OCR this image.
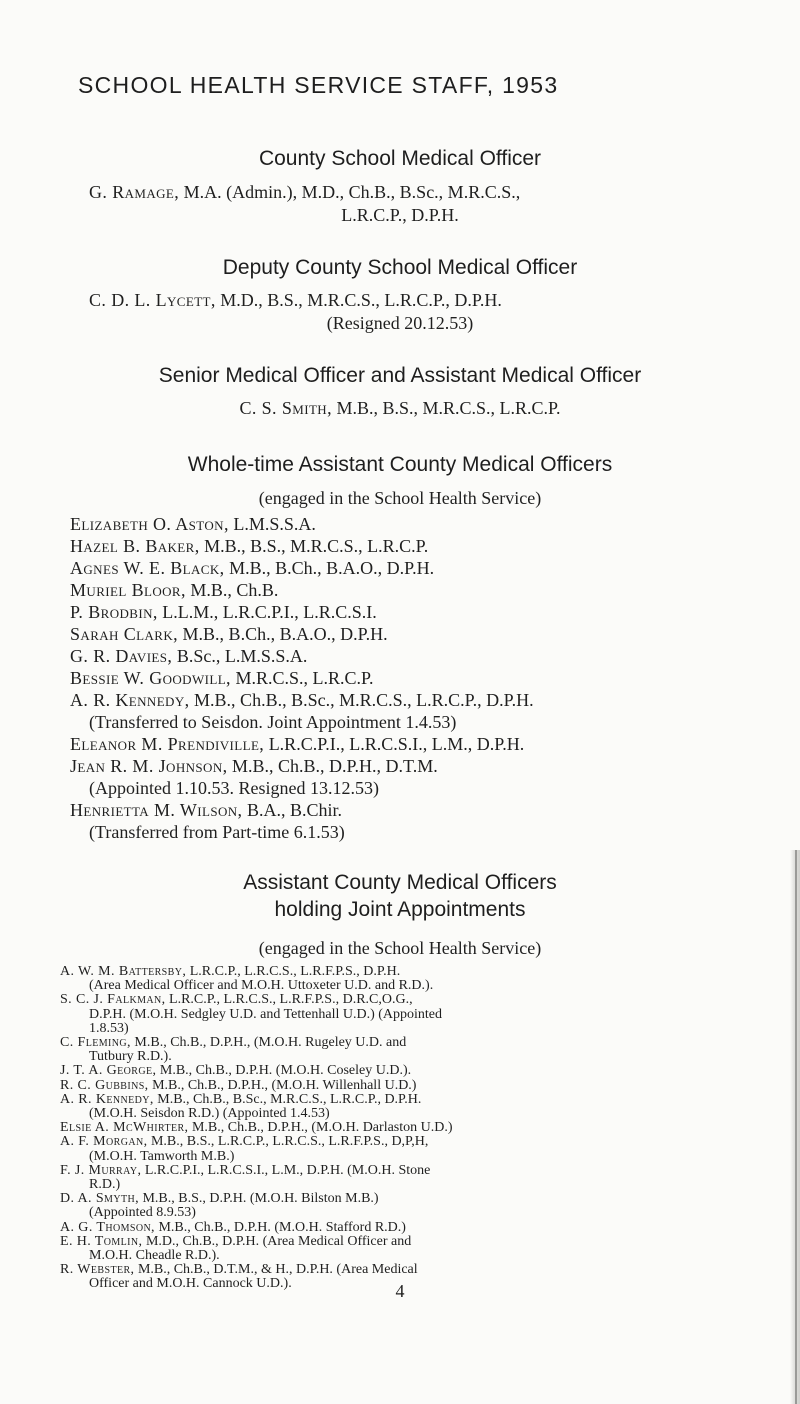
SCHOOL HEALTH SERVICE STAFF, 1953
County School Medical Officer
G. Ramage, M.A. (Admin.), M.D., Ch.B., B.Sc., M.R.C.S.,
L.R.C.P., D.P.H.
Deputy County School Medical Officer
C. D. L. Lycett, M.D., B.S., M.R.C.S., L.R.C.P., D.P.H.
(Resigned 20.12.53)
Senior Medical Officer and Assistant Medical Officer
C. S. Smith, M.B., B.S., M.R.C.S., L.R.C.P.
Whole-time Assistant County Medical Officers
(engaged in the School Health Service)
Elizabeth O. Aston, L.M.S.S.A.
Hazel B. Baker, M.B., B.S., M.R.C.S., L.R.C.P.
Agnes W. E. Black, M.B., B.Ch., B.A.O., D.P.H.
Muriel Bloor, M.B., Ch.B.
P. Brodbin, L.L.M., L.R.C.P.I., L.R.C.S.I.
Sarah Clark, M.B., B.Ch., B.A.O., D.P.H.
G. R. Davies, B.Sc., L.M.S.S.A.
Bessie W. Goodwill, M.R.C.S., L.R.C.P.
A. R. Kennedy, M.B., Ch.B., B.Sc., M.R.C.S., L.R.C.P., D.P.H.
(Transferred to Seisdon. Joint Appointment 1.4.53)
Eleanor M. Prendiville, L.R.C.P.I., L.R.C.S.I., L.M., D.P.H.
Jean R. M. Johnson, M.B., Ch.B., D.P.H., D.T.M.
(Appointed 1.10.53. Resigned 13.12.53)
Henrietta M. Wilson, B.A., B.Chir.
(Transferred from Part-time 6.1.53)
Assistant County Medical Officers
holding Joint Appointments
(engaged in the School Health Service)
A. W. M. Battersby, L.R.C.P., L.R.C.S., L.R.F.P.S., D.P.H.
(Area Medical Officer and M.O.H. Uttoxeter U.D. and R.D.).
S. C. J. Falkman, L.R.C.P., L.R.C.S., L.R.F.P.S., D.R.C,O.G.,
D.P.H. (M.O.H. Sedgley U.D. and Tettenhall U.D.) (Appointed
1.8.53)
C. Fleming, M.B., Ch.B., D.P.H., (M.O.H. Rugeley U.D. and
Tutbury R.D.).
J. T. A. George, M.B., Ch.B., D.P.H. (M.O.H. Coseley U.D.).
R. C. Gubbins, M.B., Ch.B., D.P.H., (M.O.H. Willenhall U.D.)
A. R. Kennedy, M.B., Ch.B., B.Sc., M.R.C.S., L.R.C.P., D.P.H.
(M.O.H. Seisdon R.D.) (Appointed 1.4.53)
Elsie A. McWhirter, M.B., Ch.B., D.P.H., (M.O.H. Darlaston U.D.)
A. F. Morgan, M.B., B.S., L.R.C.P., L.R.C.S., L.R.F.P.S., D,P,H,
(M.O.H. Tamworth M.B.)
F. J. Murray, L.R.C.P.I., L.R.C.S.I., L.M., D.P.H. (M.O.H. Stone
R.D.)
D. A. Smyth, M.B., B.S., D.P.H. (M.O.H. Bilston M.B.)
(Appointed 8.9.53)
A. G. Thomson, M.B., Ch.B., D.P.H. (M.O.H. Stafford R.D.)
E. H. Tomlin, M.D., Ch.B., D.P.H. (Area Medical Officer and
M.O.H. Cheadle R.D.).
R. Webster, M.B., Ch.B., D.T.M., & H., D.P.H. (Area Medical
Officer and M.O.H. Cannock U.D.).	4
